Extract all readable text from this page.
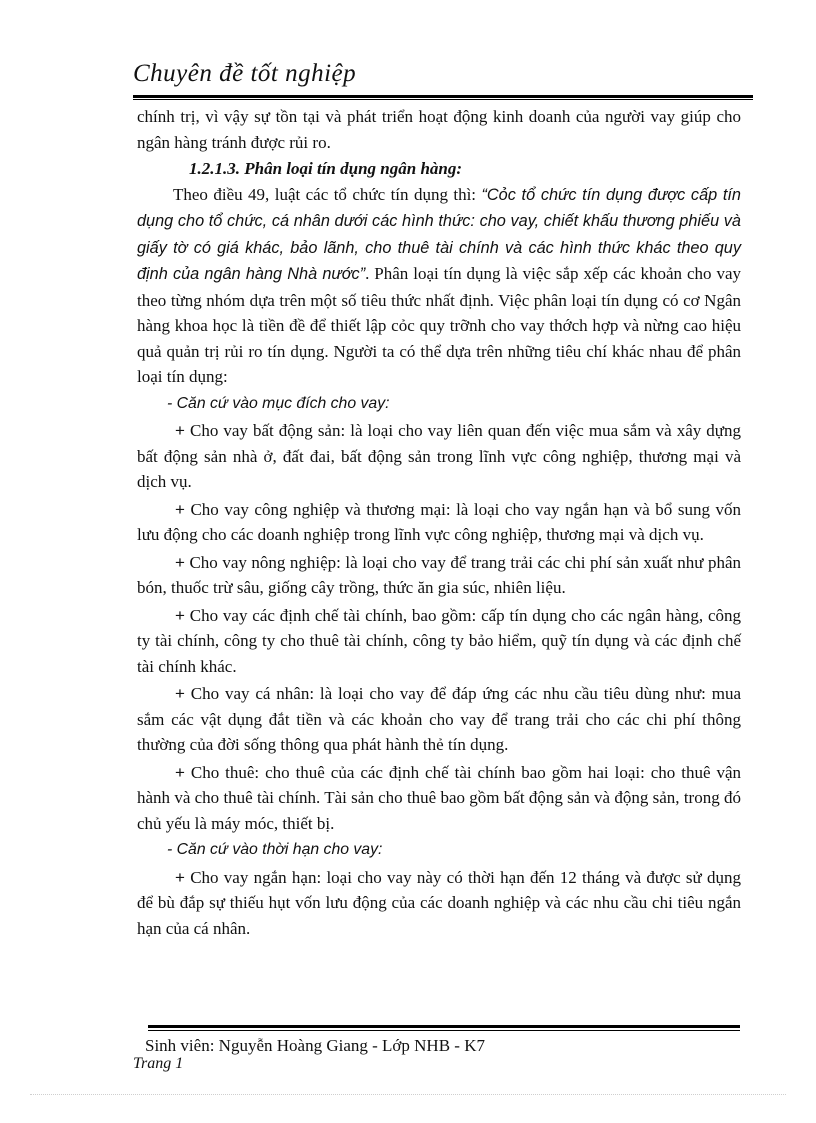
Chuyên đề tốt nghiệp

chính trị, vì vậy sự tồn tại và phát triển hoạt động kinh doanh của người vay giúp cho ngân hàng tránh được rủi ro.

1.2.1.3. Phân loại tín dụng ngân hàng:

Theo điều 49, luật các tổ chức tín dụng thì: “Cỏc tổ chức tín dụng được cấp tín dụng cho tổ chức, cá nhân dưới các hình thức: cho vay, chiết khấu thương phiếu và giấy tờ có giá khác, bảo lãnh, cho thuê tài chính và các hình thức khác theo quy định của ngân hàng Nhà nước”. Phân loại tín dụng là việc sắp xếp các khoản cho vay theo từng nhóm dựa trên một số tiêu thức nhất định. Việc phân loại tín dụng có cơ Ngân hàng khoa học là tiền đề để thiết lập cỏc quy trỡnh cho vay thớch hợp và nừng cao hiệu quả quản trị rủi ro tín dụng. Người ta có thể dựa trên những tiêu chí khác nhau để phân loại tín dụng:

- Căn cứ vào mục đích cho vay:

+ Cho vay bất động sản: là loại cho vay liên quan đến việc mua sắm và xây dựng bất động sản nhà ở, đất đai, bất động sản trong lĩnh vực công nghiệp, thương mại và dịch vụ.

+ Cho vay công nghiệp và thương mại: là loại cho vay ngắn hạn và bổ sung vốn lưu động cho các doanh nghiệp trong lĩnh vực công nghiệp, thương mại và dịch vụ.

+ Cho vay nông nghiệp: là loại cho vay để trang trải các chi phí sản xuất như phân bón, thuốc trừ sâu, giống cây trồng, thức ăn gia súc, nhiên liệu.

+ Cho vay các định chế tài chính, bao gồm: cấp tín dụng cho các ngân hàng, công ty tài chính, công ty cho thuê tài chính, công ty bảo hiểm, quỹ tín dụng và các định chế tài chính khác.

+ Cho vay cá nhân: là loại cho vay để đáp ứng các nhu cầu tiêu dùng như: mua sắm các vật dụng đắt tiền và các khoản cho vay để trang trải cho các chi phí thông thường của đời sống thông qua phát hành thẻ tín dụng.

+ Cho thuê: cho thuê của các định chế tài chính bao gồm hai loại: cho thuê vận hành và cho thuê tài chính. Tài sản cho thuê bao gồm bất động sản và động sản, trong đó chủ yếu là máy móc, thiết bị.

- Căn cứ vào thời hạn cho vay:

+ Cho vay ngắn hạn: loại cho vay này có thời hạn đến 12 tháng và được sử dụng để bù đắp sự thiếu hụt vốn lưu động của các doanh nghiệp và các nhu cầu chi tiêu ngắn hạn của cá nhân.

Sinh viên: Nguyễn Hoàng Giang - Lớp NHB - K7
Trang 1
